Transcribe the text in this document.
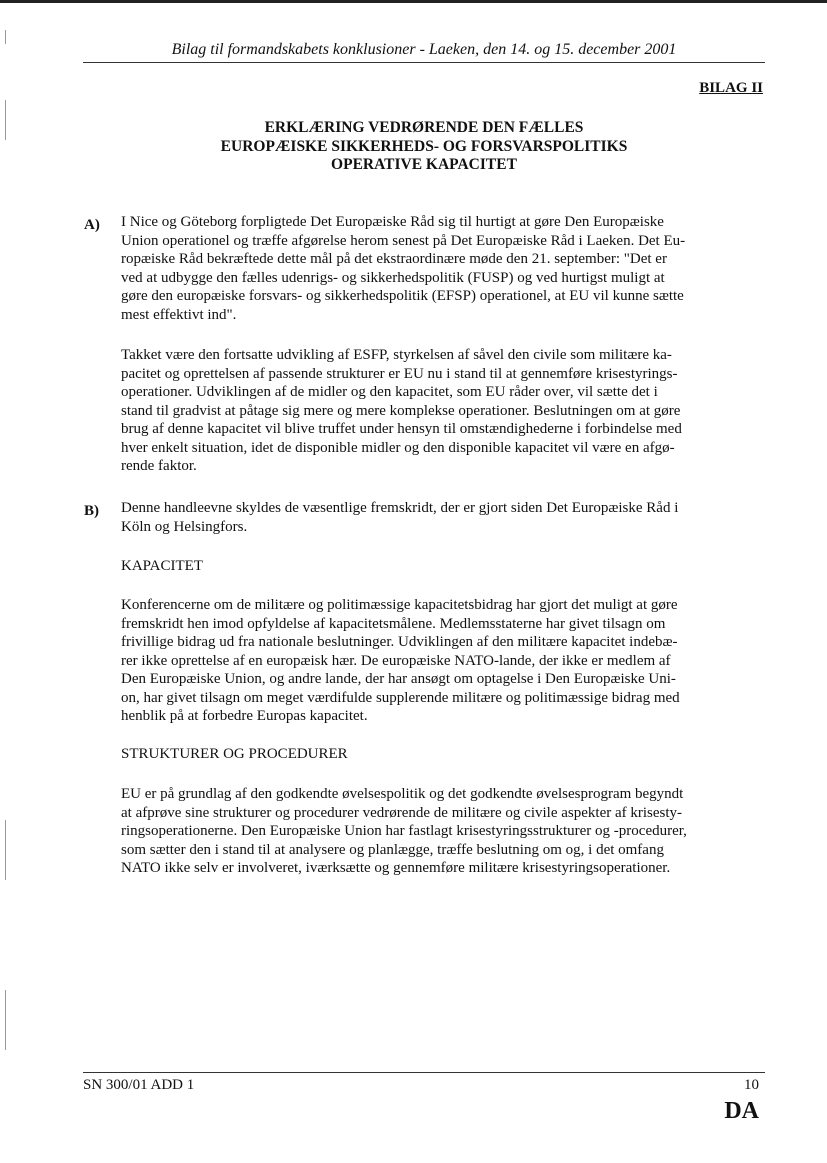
Bilag til formandskabets konklusioner - Laeken, den 14. og 15. december 2001
BILAG II
ERKLÆRING VEDRØRENDE DEN FÆLLES
EUROPÆISKE SIKKERHEDS- OG FORSVARSPOLITIKS
OPERATIVE KAPACITET
A) I Nice og Göteborg forpligtede Det Europæiske Råd sig til hurtigt at gøre Den Europæiske
Union operationel og træffe afgørelse herom senest på Det Europæiske Råd i Laeken. Det Eu-
ropæiske Råd bekræftede dette mål på det ekstraordinære møde den 21. september: "Det er
ved at udbygge den fælles udenrigs- og sikkerhedspolitik (FUSP) og ved hurtigst muligt at
gøre den europæiske forsvars- og sikkerhedspolitik (EFSP) operationel, at EU vil kunne sætte
mest effektivt ind".
Takket være den fortsatte udvikling af ESFP, styrkelsen af såvel den civile som militære ka-
pacitet og oprettelsen af passende strukturer er EU nu i stand til at gennemføre krisestyrings-
operationer. Udviklingen af de midler og den kapacitet, som EU råder over, vil sætte det i
stand til gradvist at påtage sig mere og mere komplekse operationer. Beslutningen om at gøre
brug af denne kapacitet vil blive truffet under hensyn til omstændighederne i forbindelse med
hver enkelt situation, idet de disponible midler og den disponible kapacitet vil være en afgø-
rende faktor.
B) Denne handleevne skyldes de væsentlige fremskridt, der er gjort siden Det Europæiske Råd i
Köln og Helsingfors.
KAPACITET
Konferencerne om de militære og politimæssige kapacitetsbidrag har gjort det muligt at gøre
fremskridt hen imod opfyldelse af kapacitetsmålene. Medlemsstaterne har givet tilsagn om
frivillige bidrag ud fra nationale beslutninger. Udviklingen af den militære kapacitet indebæ-
rer ikke oprettelse af en europæisk hær. De europæiske NATO-lande, der ikke er medlem af
Den Europæiske Union, og andre lande, der har ansøgt om optagelse i Den Europæiske Uni-
on, har givet tilsagn om meget værdifulde supplerende militære og politimæssige bidrag med
henblik på at forbedre Europas kapacitet.
STRUKTURER OG PROCEDURER
EU er på grundlag af den godkendte øvelsespolitik og det godkendte øvelsesprogram begyndt
at afprøve sine strukturer og procedurer vedrørende de militære og civile aspekter af krisesty-
ringsoperationerne. Den Europæiske Union har fastlagt krisestyringsstrukturer og -procedurer,
som sætter den i stand til at analysere og planlægge, træffe beslutning om og, i det omfang
NATO ikke selv er involveret, iværksætte og gennemføre militære krisestyringsoperationer.
SN 300/01 ADD 1	10
DA
